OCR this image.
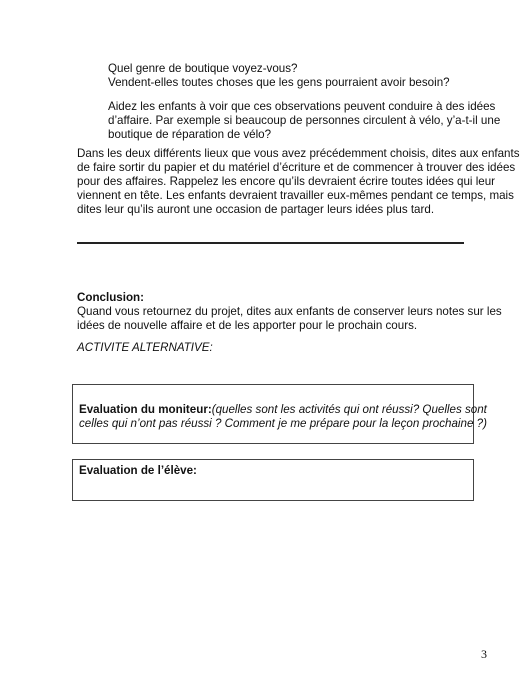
Quel genre de boutique voyez-vous?
Vendent-elles toutes choses que les gens pourraient avoir besoin?
Aidez les enfants à voir que ces observations peuvent conduire à des idées
d’affaire. Par exemple si beaucoup de personnes circulent à vélo, y’a-t-il une
boutique de réparation de vélo?
Dans les deux différents lieux que vous avez précédemment choisis, dites aux enfants
de faire sortir du papier et du matériel d’écriture et de commencer à trouver des idées
pour des affaires. Rappelez les encore qu’ils devraient écrire toutes idées qui leur
viennent en tête. Les enfants devraient travailler eux-mêmes pendant ce temps, mais
dites leur qu’ils auront une occasion de partager leurs idées plus tard.
Conclusion:
Quand vous retournez du projet, dites aux enfants de conserver leurs notes sur les
idées de nouvelle affaire et de les apporter pour le prochain cours.
ACTIVITE ALTERNATIVE:
Evaluation du moniteur:(quelles sont les activités qui ont réussi? Quelles sont
celles qui n’ont pas réussi ? Comment je me prépare pour la leçon prochaine ?)
Evaluation de l’élève:
3
